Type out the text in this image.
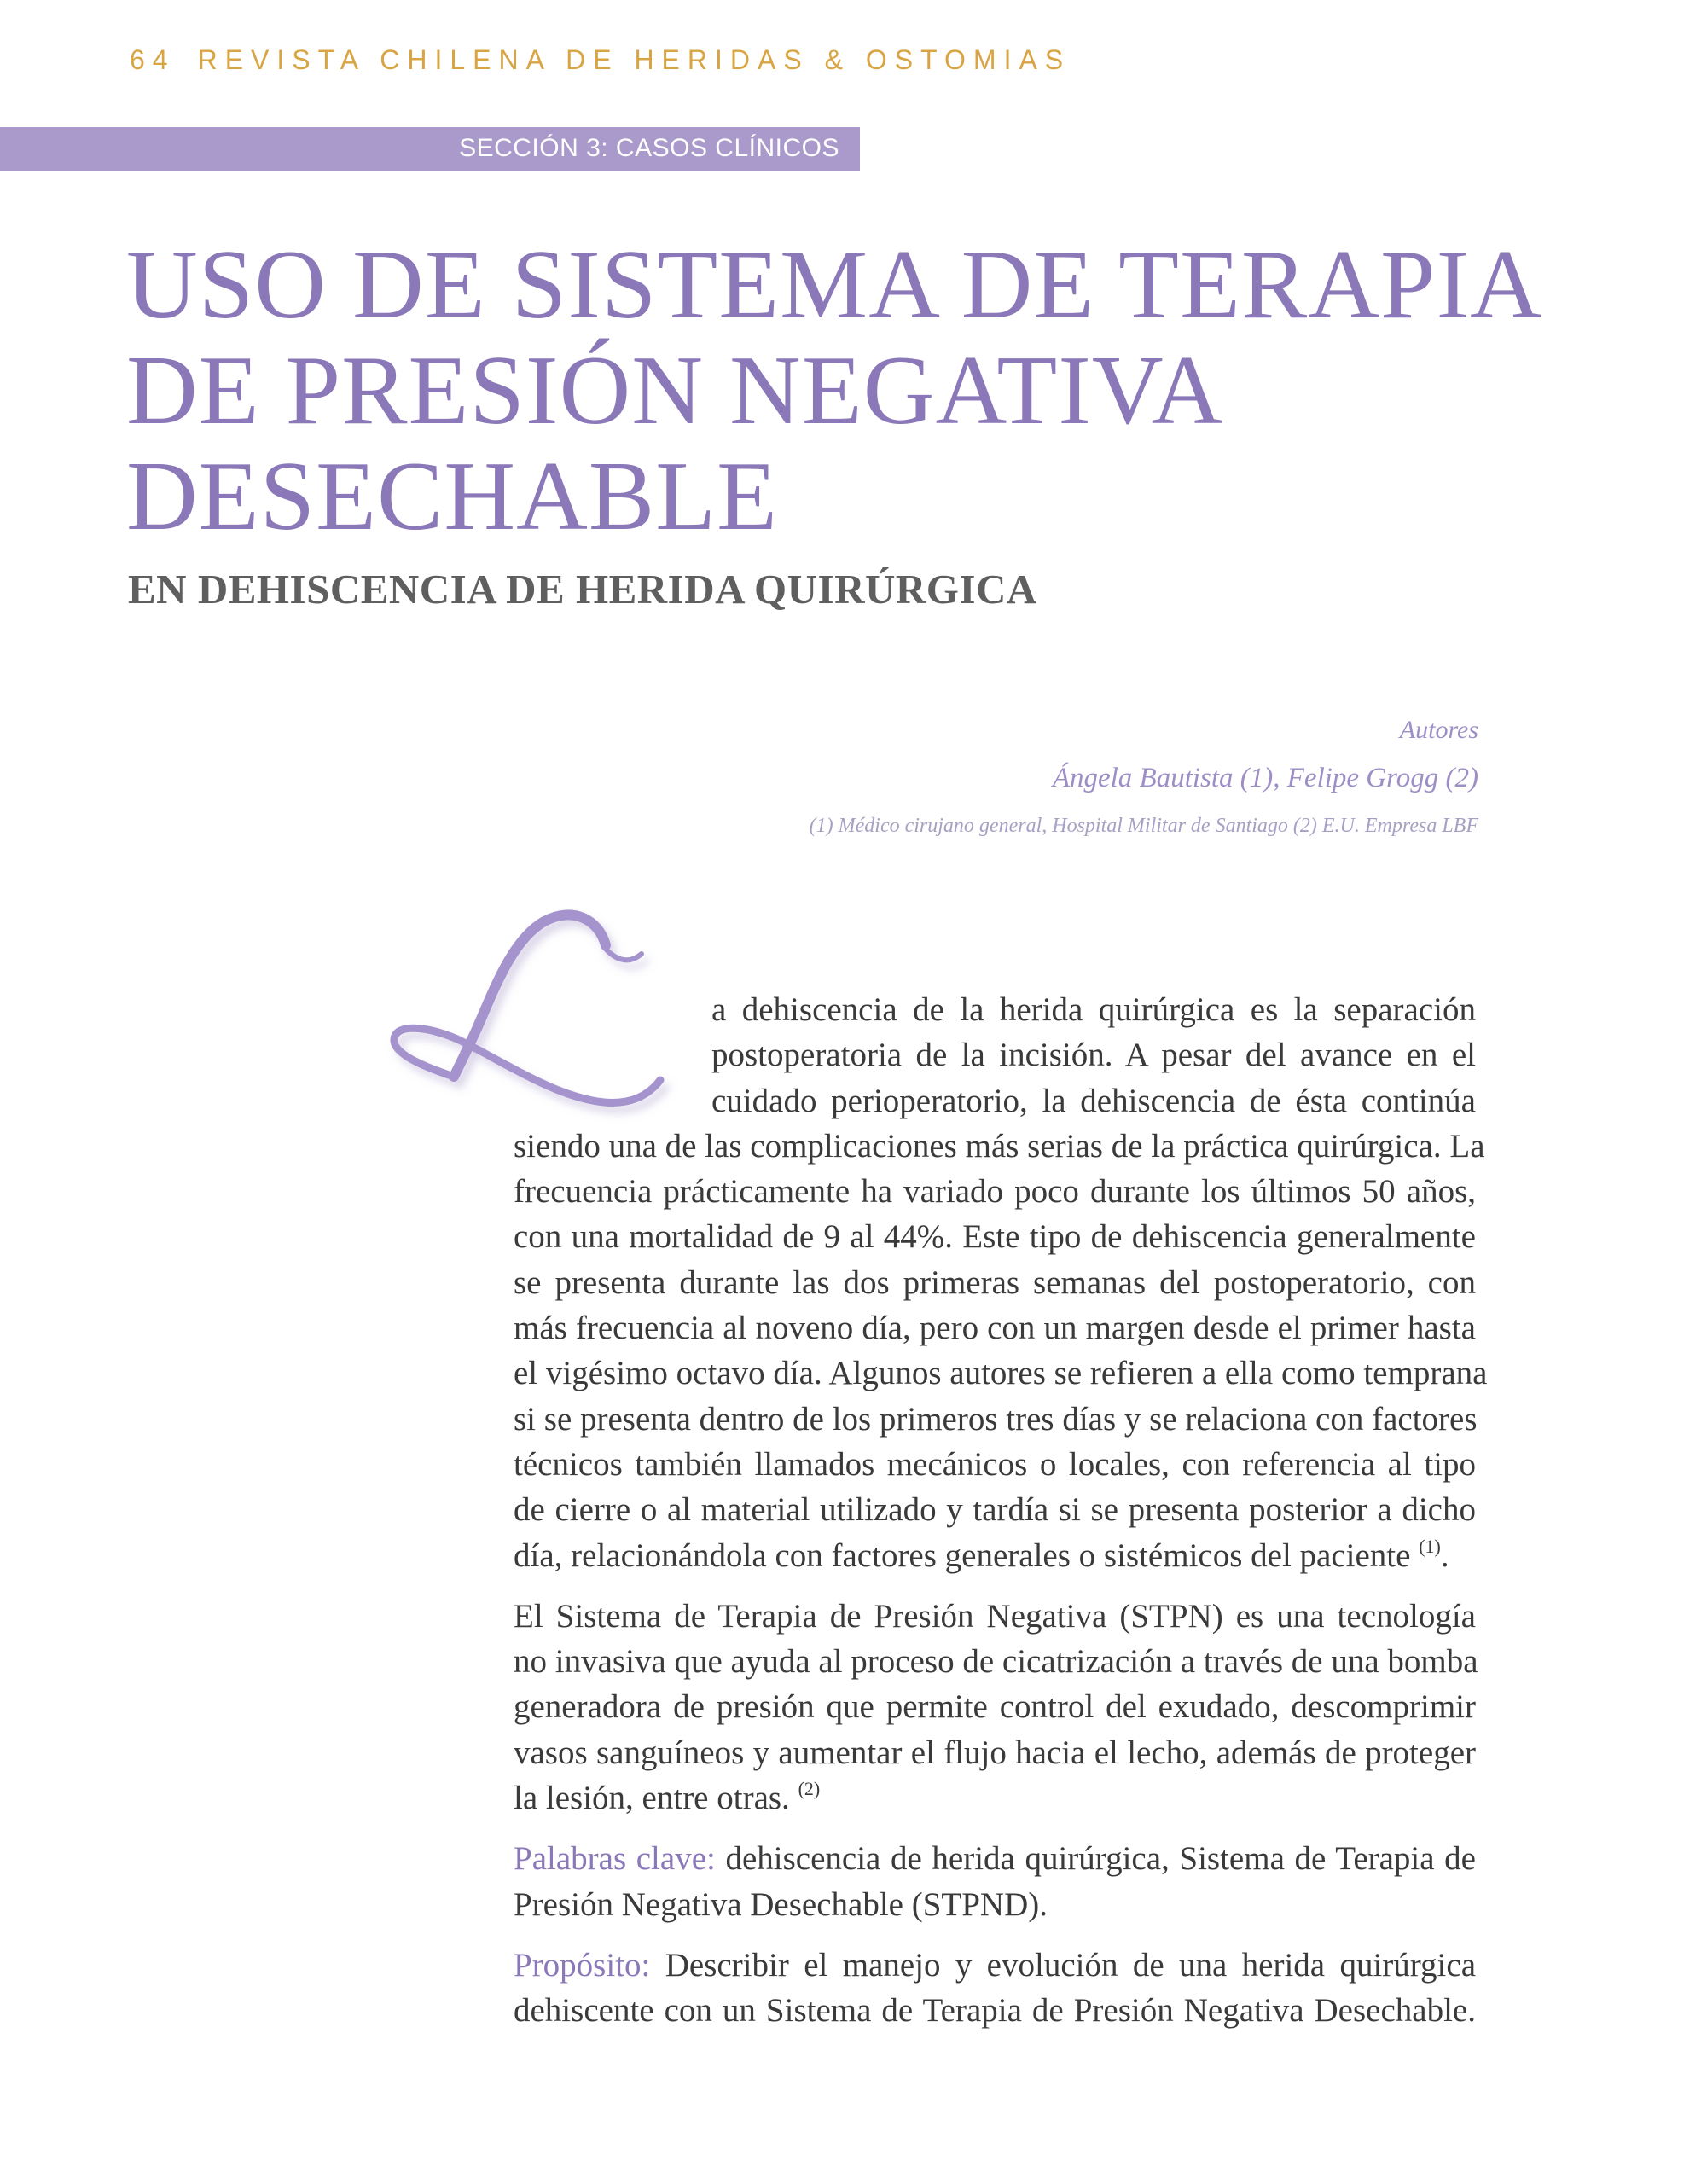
64 REVISTA CHILENA DE HERIDAS & OSTOMIAS
SECCIÓN 3: CASOS CLÍNICOS
USO DE SISTEMA DE TERAPIA
DE PRESIÓN NEGATIVA
DESECHABLE
EN DEHISCENCIA DE HERIDA QUIRÚRGICA
Autores
Ángela Bautista (1), Felipe Grogg (2)
(1) Médico cirujano general, Hospital Militar de Santiago (2) E.U. Empresa LBF

a dehiscencia de la herida quirúrgica es la separación
postoperatoria de la incisión. A pesar del avance en el
cuidado perioperatorio, la dehiscencia de ésta continúa
siendo una de las complicaciones más serias de la práctica quirúrgica. La
frecuencia prácticamente ha variado poco durante los últimos 50 años,
con una mortalidad de 9 al 44%. Este tipo de dehiscencia generalmente
se presenta durante las dos primeras semanas del postoperatorio, con
más frecuencia al noveno día, pero con un margen desde el primer hasta
el vigésimo octavo día. Algunos autores se refieren a ella como temprana
si se presenta dentro de los primeros tres días y se relaciona con factores
técnicos también llamados mecánicos o locales, con referencia al tipo
de cierre o al material utilizado y tardía si se presenta posterior a dicho
día, relacionándola con factores generales o sistémicos del paciente $^{(1)}$.

El Sistema de Terapia de Presión Negativa (STPN) es una tecnología
no invasiva que ayuda al proceso de cicatrización a través de una bomba
generadora de presión que permite control del exudado, descomprimir
vasos sanguíneos y aumentar el flujo hacia el lecho, además de proteger
la lesión, entre otras. $^{(2)}$

Palabras clave: dehiscencia de herida quirúrgica, Sistema de Terapia de
Presión Negativa Desechable (STPND).

Propósito: Describir el manejo y evolución de una herida quirúrgica
dehiscente con un Sistema de Terapia de Presión Negativa Desechable.
